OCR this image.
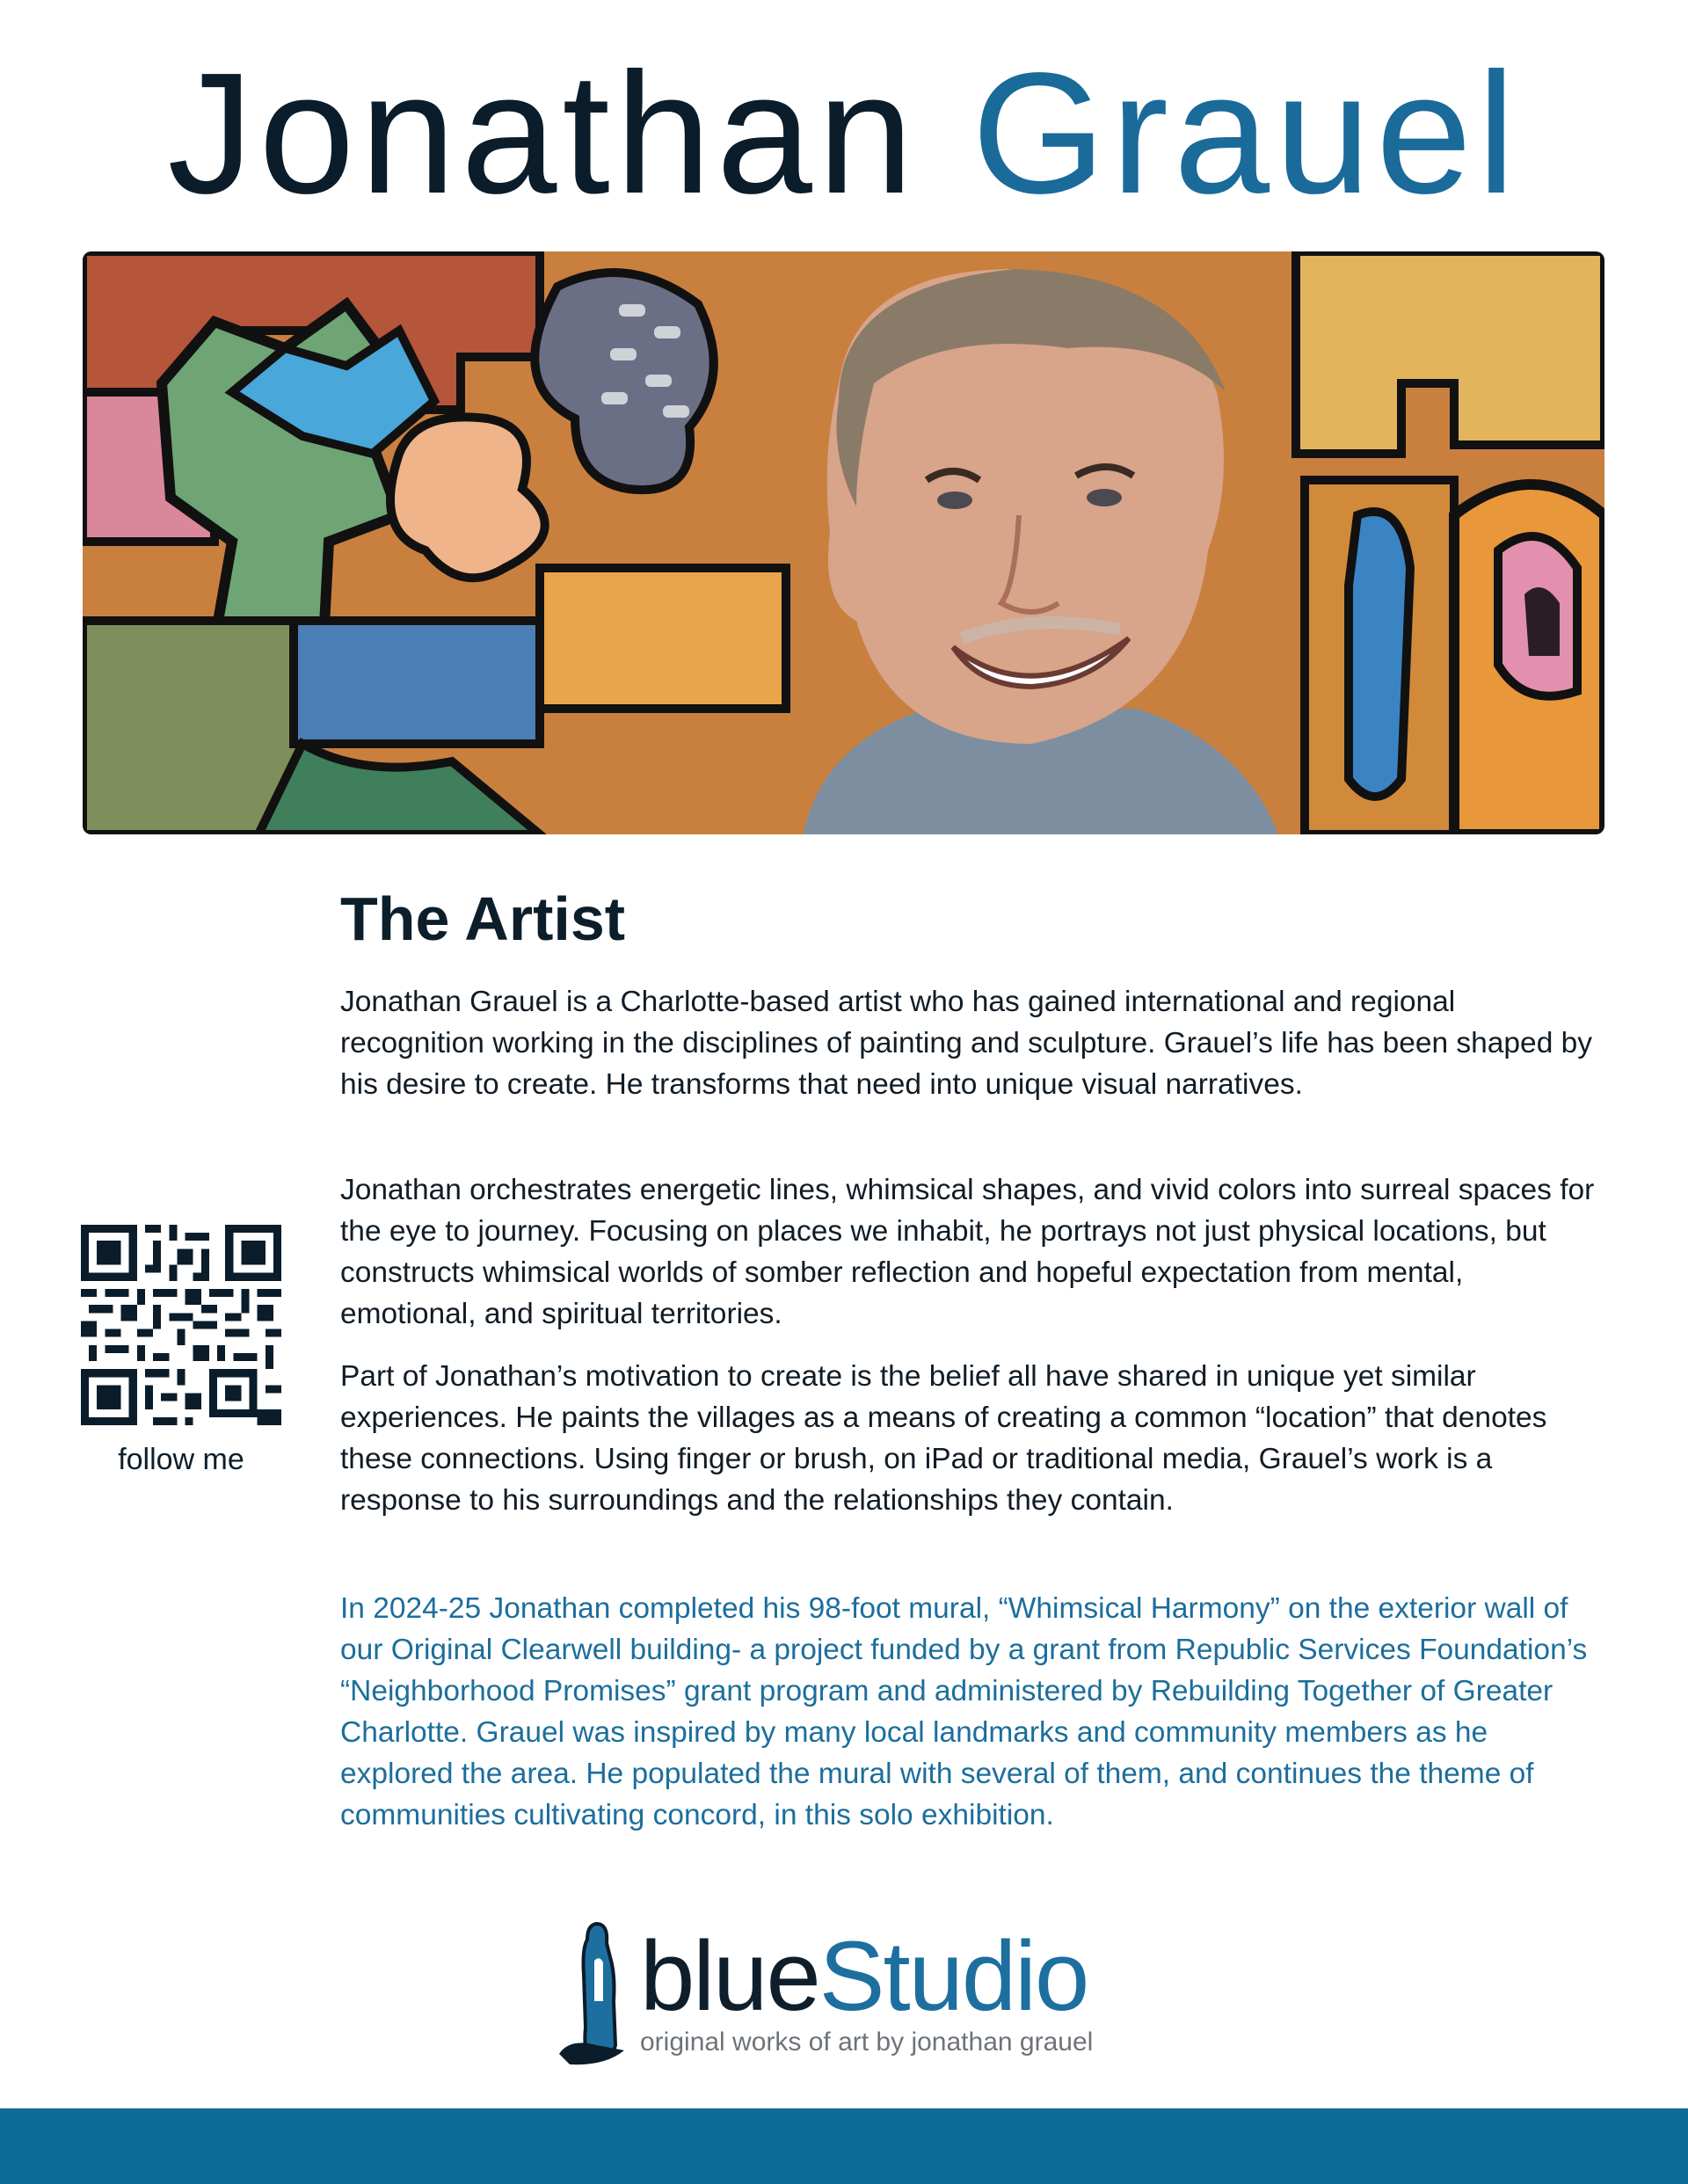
Jonathan Grauel
The Artist

Jonathan Grauel is a Charlotte-based artist who has gained international and regional recognition working in the disciplines of painting and sculpture. Grauel’s life has been shaped by his desire to create. He transforms that need into unique visual narratives.

Jonathan orchestrates energetic lines, whimsical shapes, and vivid colors into surreal spaces for the eye to journey. Focusing on places we inhabit, he portrays not just physical locations, but constructs whimsical worlds of somber reflection and hopeful expectation from mental, emotional, and spiritual territories.

Part of Jonathan’s motivation to create is the belief all have shared in unique yet similar experiences. He paints the villages as a means of creating a common “location” that denotes these connections. Using finger or brush, on iPad or traditional media, Grauel’s work is a response to his surroundings and the relationships they contain.

In 2024-25 Jonathan completed his 98-foot mural, “Whimsical Harmony” on the exterior wall of our Original Clearwell building- a project funded by a grant from Republic Services Foundation’s “Neighborhood Promises” grant program and administered by Rebuilding Together of Greater Charlotte. Grauel was inspired by many local landmarks and community members as he explored the area. He populated the mural with several of them, and continues the theme of communities cultivating concord, in this solo exhibition.

follow me
blueStudio
original works of art by jonathan grauel
